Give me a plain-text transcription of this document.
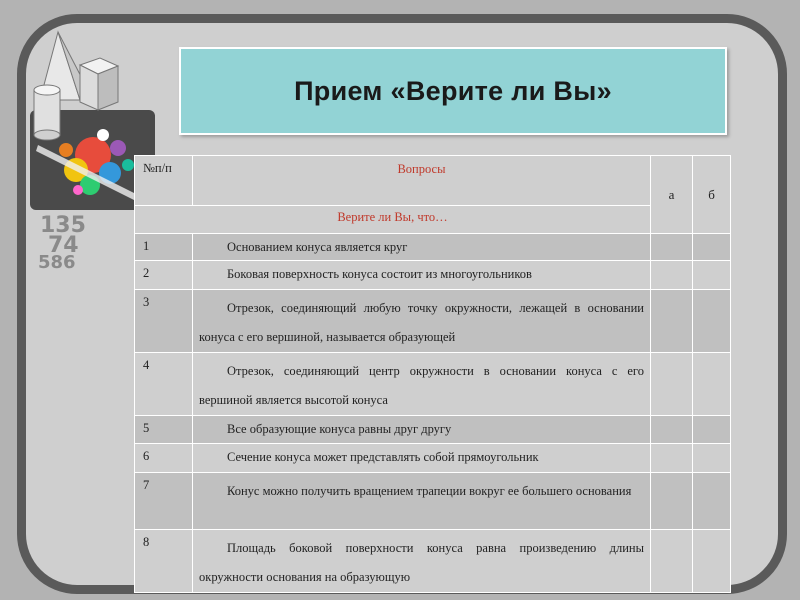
135
74
586
Прием «Верите ли Вы»
№п/п	Вопросы	а	б
Верите ли Вы, что…			
1	Основанием конуса является круг		
2	Боковая поверхность конуса состоит из многоугольников		
3	Отрезок, соединяющий любую точку окружности, лежащей в основании конуса с его вершиной, называется образующей		
4	Отрезок, соединяющий центр окружности в основании конуса с его вершиной является высотой конуса		
5	Все образующие конуса равны друг другу		
6	Сечение конуса может представлять собой прямоугольник		
7	Конус можно получить вращением трапеции вокруг ее большего основания		
8	Площадь боковой поверхности конуса равна произведению длины окружности основания на образующую		
